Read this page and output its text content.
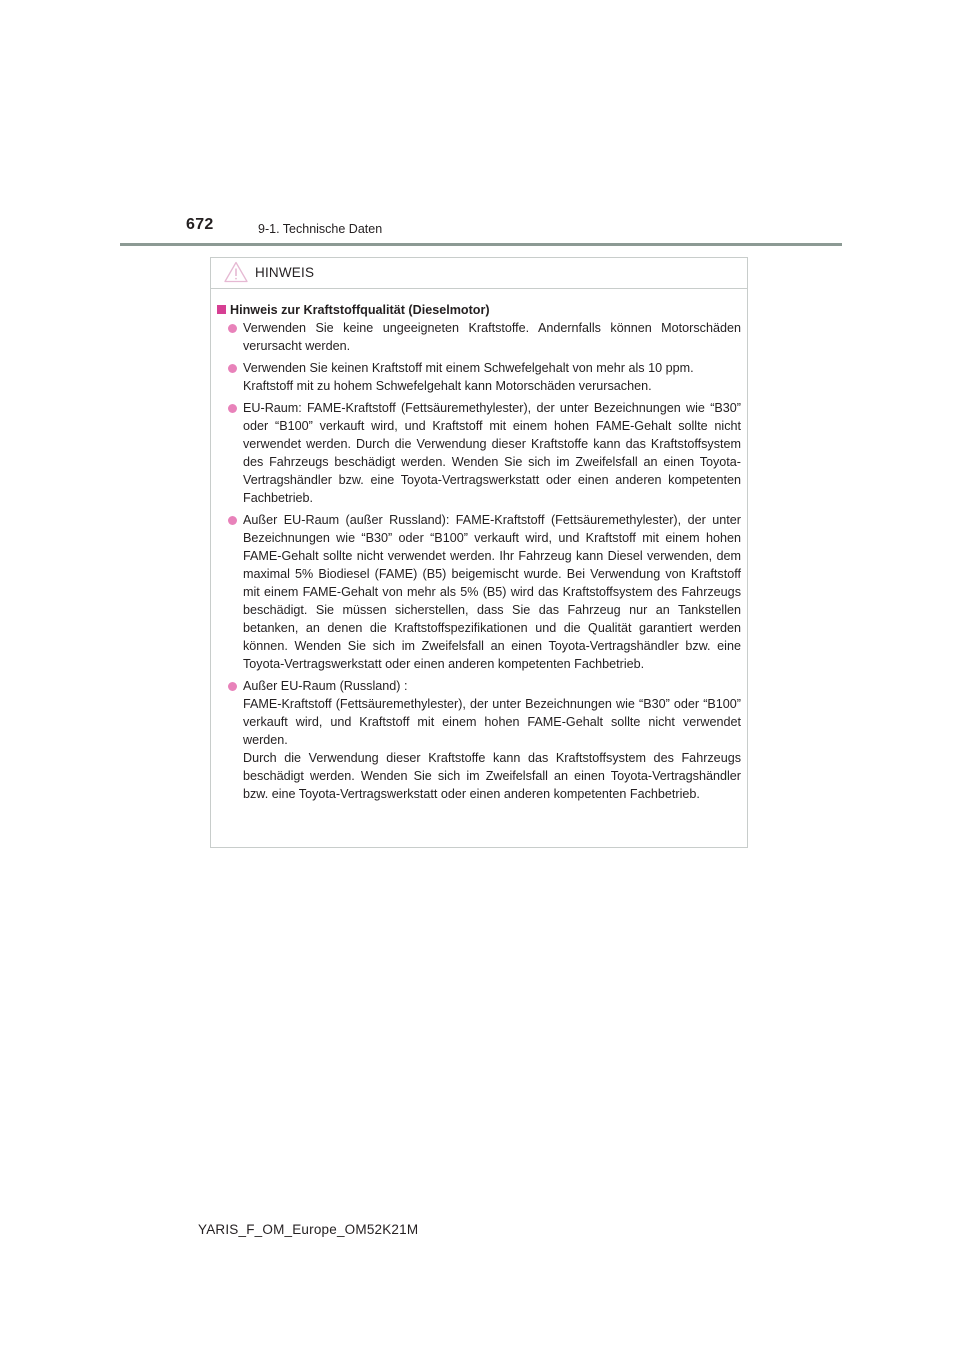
672	9-1. Technische Daten
HINWEIS
Hinweis zur Kraftstoffqualität (Dieselmotor)
Verwenden Sie keine ungeeigneten Kraftstoffe. Andernfalls können Motorschäden verursacht werden.
Verwenden Sie keinen Kraftstoff mit einem Schwefelgehalt von mehr als 10 ppm.
Kraftstoff mit zu hohem Schwefelgehalt kann Motorschäden verursachen.
EU-Raum: FAME-Kraftstoff (Fettsäuremethylester), der unter Bezeichnungen wie “B30” oder “B100” verkauft wird, und Kraftstoff mit einem hohen FAME-Gehalt sollte nicht verwendet werden. Durch die Verwendung dieser Kraftstoffe kann das Kraftstoffsystem des Fahrzeugs beschädigt werden. Wenden Sie sich im Zweifelsfall an einen Toyota-Vertragshändler bzw. eine Toyota-Vertragswerkstatt oder einen anderen kompetenten Fachbetrieb.
Außer EU-Raum (außer Russland): FAME-Kraftstoff (Fettsäuremethylester), der unter Bezeichnungen wie “B30” oder “B100” verkauft wird, und Kraftstoff mit einem hohen FAME-Gehalt sollte nicht verwendet werden. Ihr Fahrzeug kann Diesel verwenden, dem maximal 5% Biodiesel (FAME) (B5) beigemischt wurde. Bei Verwendung von Kraftstoff mit einem FAME-Gehalt von mehr als 5% (B5) wird das Kraftstoffsystem des Fahrzeugs beschädigt. Sie müssen sicherstellen, dass Sie das Fahrzeug nur an Tankstellen betanken, an denen die Kraftstoffspezifikationen und die Qualität garantiert werden können. Wenden Sie sich im Zweifelsfall an einen Toyota-Vertragshändler bzw. eine Toyota-Vertragswerkstatt oder einen anderen kompetenten Fachbetrieb.
Außer EU-Raum (Russland) :
FAME-Kraftstoff (Fettsäuremethylester), der unter Bezeichnungen wie “B30” oder “B100” verkauft wird, und Kraftstoff mit einem hohen FAME-Gehalt sollte nicht verwendet werden.
Durch die Verwendung dieser Kraftstoffe kann das Kraftstoffsystem des Fahrzeugs beschädigt werden. Wenden Sie sich im Zweifelsfall an einen Toyota-Vertragshändler bzw. eine Toyota-Vertragswerkstatt oder einen anderen kompetenten Fachbetrieb.
YARIS_F_OM_Europe_OM52K21M
